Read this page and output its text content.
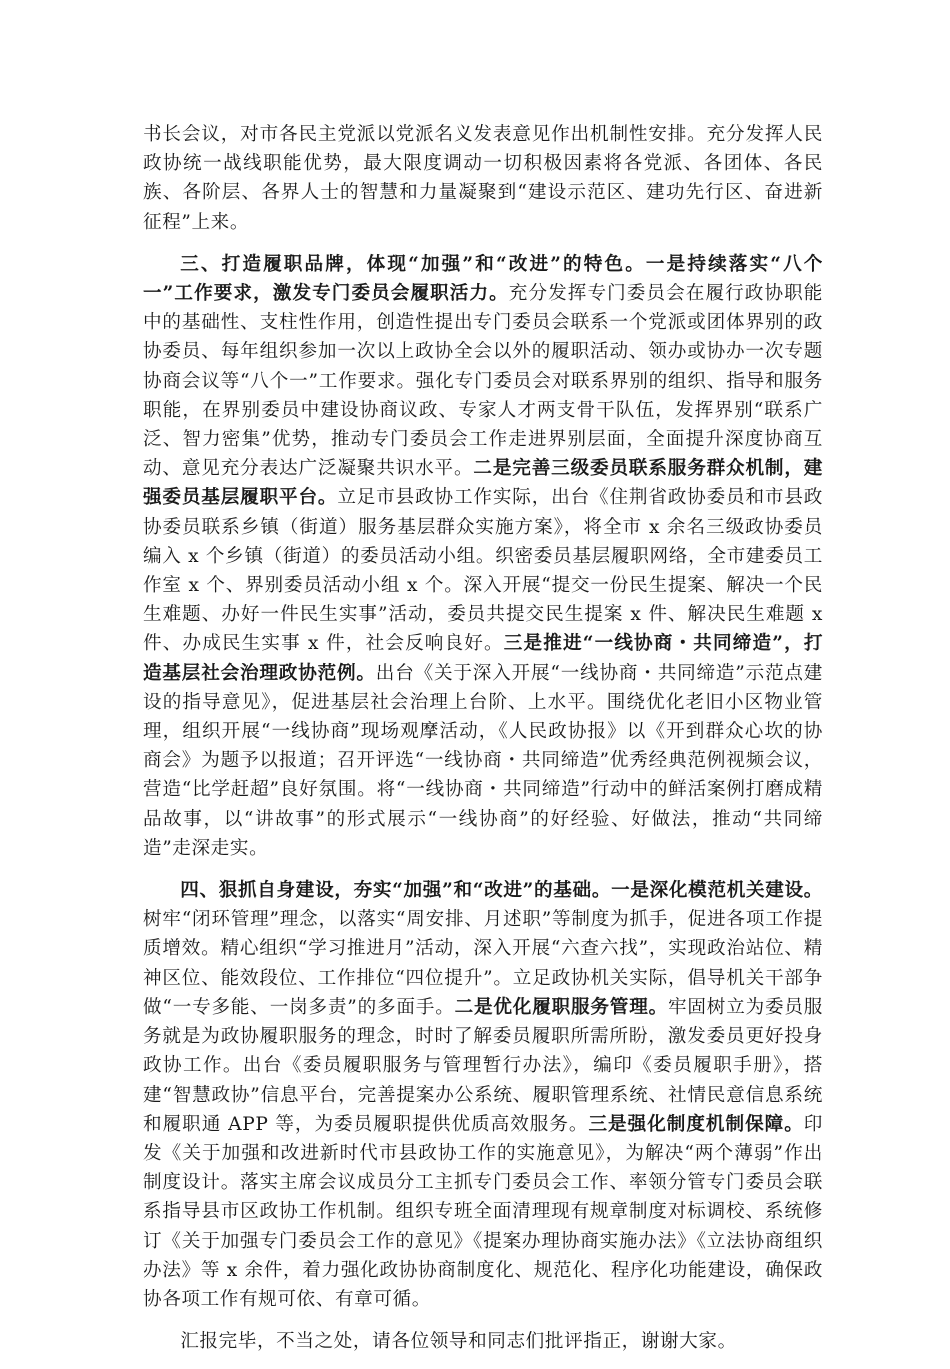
书长会议，对市各民主党派以党派名义发表意见作出机制性安排。充分发挥人民政协统一战线职能优势，最大限度调动一切积极因素将各党派、各团体、各民族、各阶层、各界人士的智慧和力量凝聚到“建设示范区、建功先行区、奋进新征程”上来。

三、打造履职品牌，体现“加强”和“改进”的特色。一是持续落实“八个一”工作要求，激发专门委员会履职活力。充分发挥专门委员会在履行政协职能中的基础性、支柱性作用，创造性提出专门委员会联系一个党派或团体界别的政协委员、每年组织参加一次以上政协全会以外的履职活动、领办或协办一次专题协商会议等“八个一”工作要求。强化专门委员会对联系界别的组织、指导和服务职能，在界别委员中建设协商议政、专家人才两支骨干队伍，发挥界别“联系广泛、智力密集”优势，推动专门委员会工作走进界别层面，全面提升深度协商互动、意见充分表达广泛凝聚共识水平。二是完善三级委员联系服务群众机制，建强委员基层履职平台。立足市县政协工作实际，出台《住荆省政协委员和市县政协委员联系乡镇（街道）服务基层群众实施方案》，将全市 x 余名三级政协委员编入 x 个乡镇（街道）的委员活动小组。织密委员基层履职网络，全市建委员工作室 x 个、界别委员活动小组 x 个。深入开展“提交一份民生提案、解决一个民生难题、办好一件民生实事”活动，委员共提交民生提案 x 件、解决民生难题 x 件、办成民生实事 x 件，社会反响良好。三是推进“一线协商・共同缔造”，打造基层社会治理政协范例。出台《关于深入开展“一线协商・共同缔造”示范点建设的指导意见》，促进基层社会治理上台阶、上水平。围绕优化老旧小区物业管理，组织开展“一线协商”现场观摩活动，《人民政协报》以《开到群众心坎的协商会》为题予以报道；召开评选“一线协商・共同缔造”优秀经典范例视频会议，营造“比学赶超”良好氛围。将“一线协商・共同缔造”行动中的鲜活案例打磨成精品故事，以“讲故事”的形式展示“一线协商”的好经验、好做法，推动“共同缔造”走深走实。

四、狠抓自身建设，夯实“加强”和“改进”的基础。一是深化模范机关建设。树牢“闭环管理”理念，以落实“周安排、月述职”等制度为抓手，促进各项工作提质增效。精心组织“学习推进月”活动，深入开展“六查六找”，实现政治站位、精神区位、能效段位、工作排位“四位提升”。立足政协机关实际，倡导机关干部争做“一专多能、一岗多责”的多面手。二是优化履职服务管理。牢固树立为委员服务就是为政协履职服务的理念，时时了解委员履职所需所盼，激发委员更好投身政协工作。出台《委员履职服务与管理暂行办法》，编印《委员履职手册》，搭建“智慧政协”信息平台，完善提案办公系统、履职管理系统、社情民意信息系统和履职通 APP 等，为委员履职提供优质高效服务。三是强化制度机制保障。印发《关于加强和改进新时代市县政协工作的实施意见》，为解决“两个薄弱”作出制度设计。落实主席会议成员分工主抓专门委员会工作、率领分管专门委员会联系指导县市区政协工作机制。组织专班全面清理现有规章制度对标调校、系统修订《关于加强专门委员会工作的意见》《提案办理协商实施办法》《立法协商组织办法》等 x 余件，着力强化政协协商制度化、规范化、程序化功能建设，确保政协各项工作有规可依、有章可循。

汇报完毕，不当之处，请各位领导和同志们批评指正，谢谢大家。
